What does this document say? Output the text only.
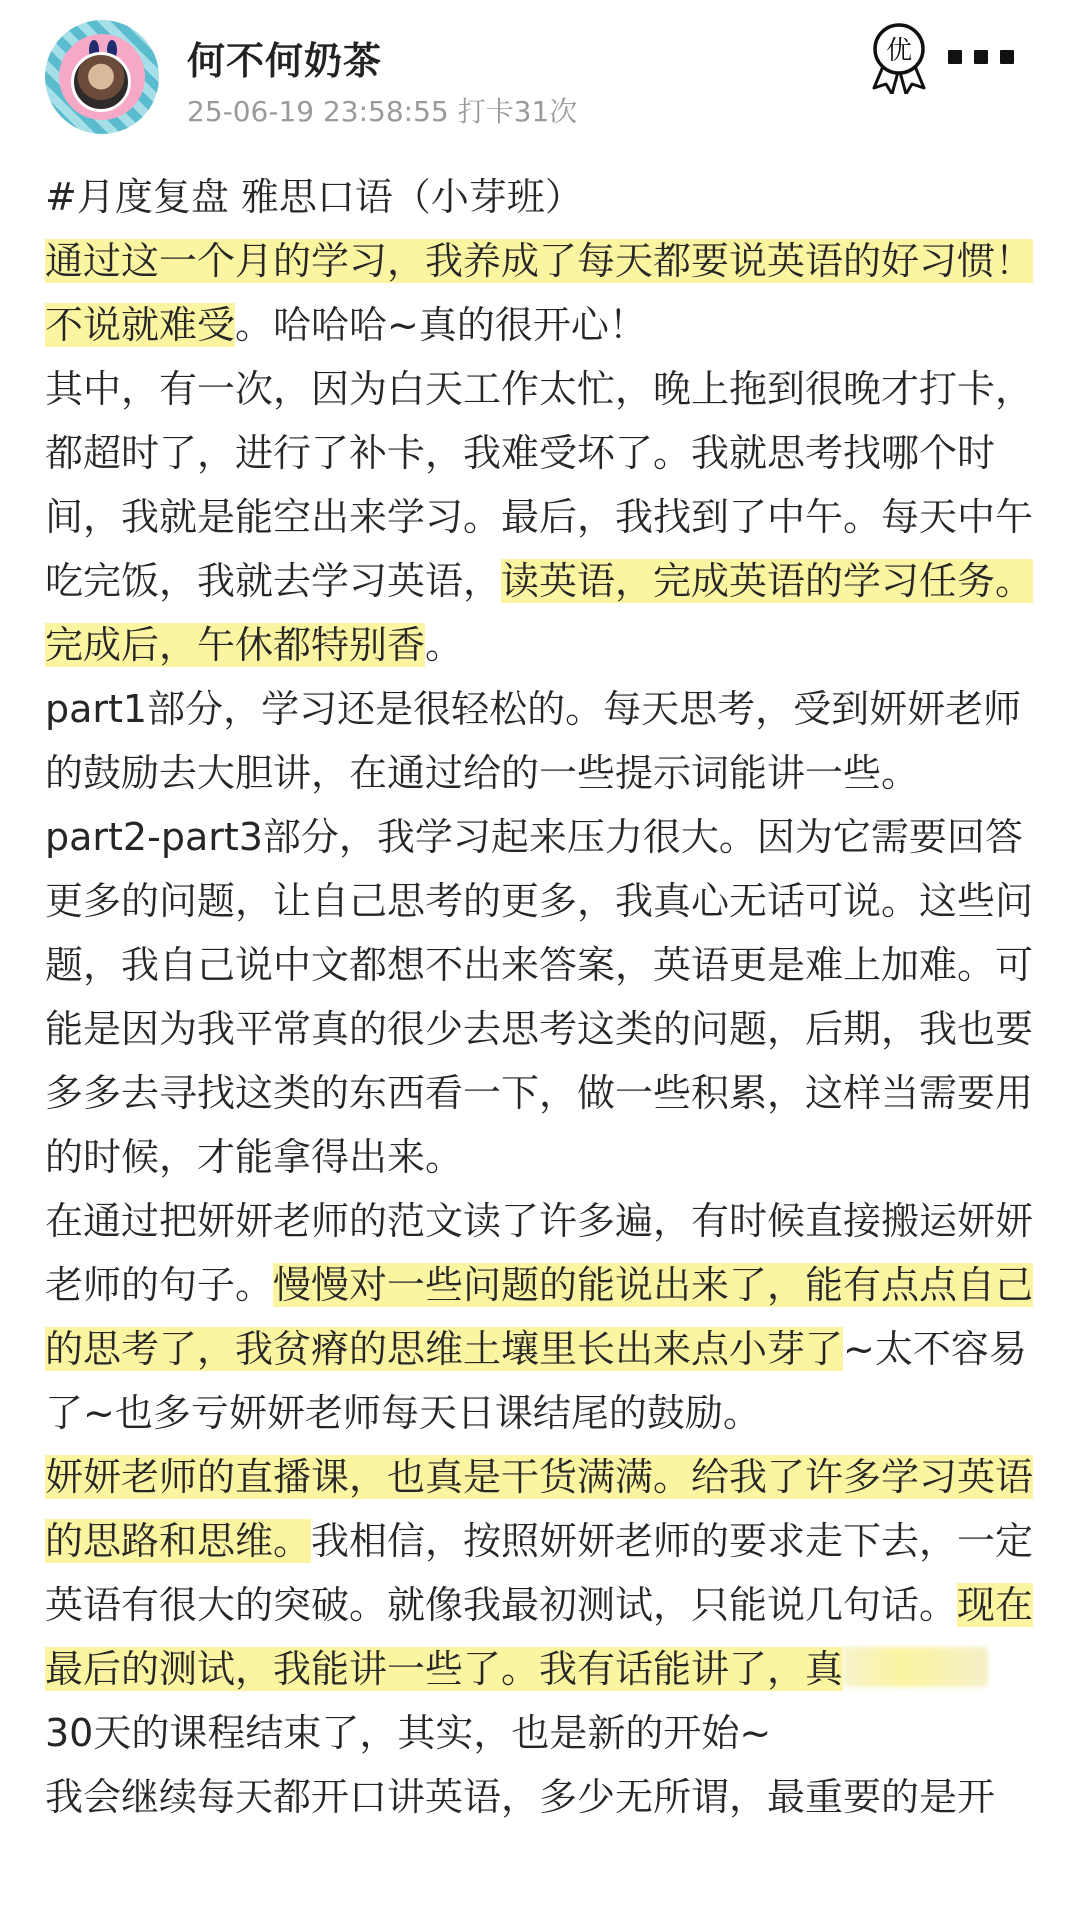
何不何奶茶
25-06-19 23:58:55 打卡31次
优

#月度复盘 雅思口语（小芽班）

通过这一个月的学习，我养成了每天都要说英语的好习惯！不说就难受。哈哈哈~真的很开心！

其中，有一次，因为白天工作太忙，晚上拖到很晚才打卡，都超时了，进行了补卡，我难受坏了。我就思考找哪个时间，我就是能空出来学习。最后，我找到了中午。每天中午吃完饭，我就去学习英语，读英语，完成英语的学习任务。完成后，午休都特别香。

part1部分，学习还是很轻松的。每天思考，受到妍妍老师的鼓励去大胆讲，在通过给的一些提示词能讲一些。

part2-part3部分，我学习起来压力很大。因为它需要回答更多的问题，让自己思考的更多，我真心无话可说。这些问题，我自己说中文都想不出来答案，英语更是难上加难。可能是因为我平常真的很少去思考这类的问题，后期，我也要多多去寻找这类的东西看一下，做一些积累，这样当需要用的时候，才能拿得出来。

在通过把妍妍老师的范文读了许多遍，有时候直接搬运妍妍老师的句子。慢慢对一些问题的能说出来了，能有点点自己的思考了，我贫瘠的思维土壤里长出来点小芽了~太不容易了~也多亏妍妍老师每天日课结尾的鼓励。

妍妍老师的直播课，也真是干货满满。给我了许多学习英语的思路和思维。我相信，按照妍妍老师的要求走下去，一定英语有很大的突破。就像我最初测试，只能说几句话。现在最后的测试，我能讲一些了。我有话能讲了，真

30天的课程结束了，其实，也是新的开始~

我会继续每天都开口讲英语，多少无所谓，最重要的是开
